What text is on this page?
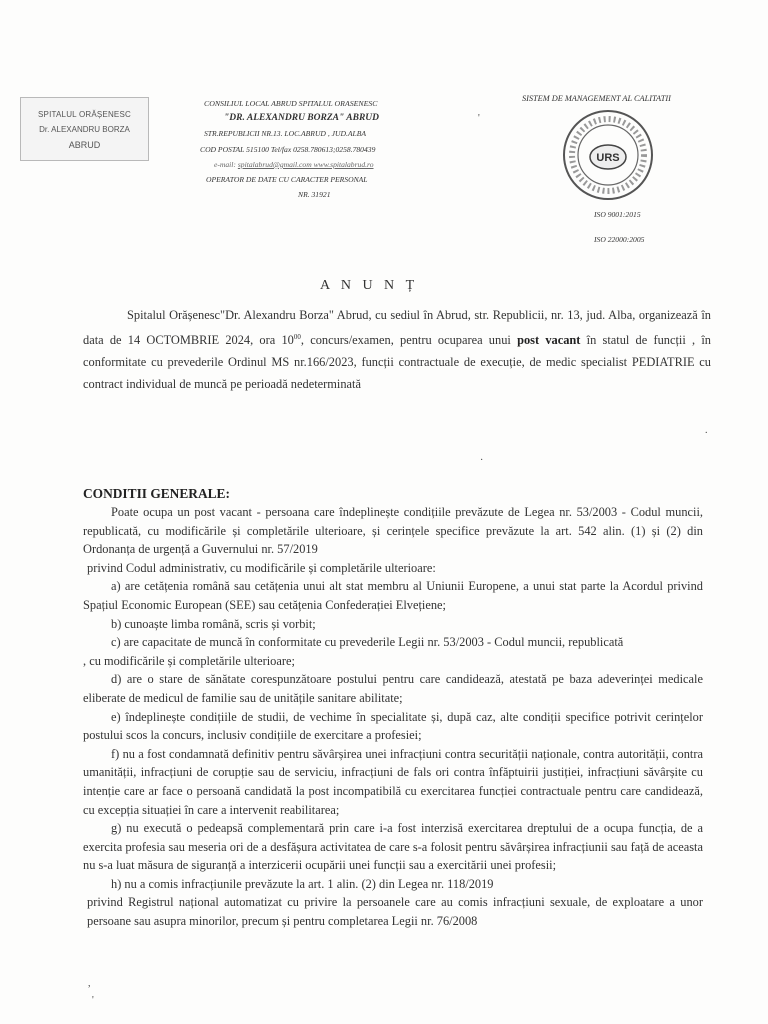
SPITALUL ORĂȘENESC
Dr. ALEXANDRU BORZA
ABRUD
CONSILIUL LOCAL ABRUD SPITALUL ORASENESC
"DR. ALEXANDRU BORZA" ABRUD
STR.REPUBLICII NR.13. LOC.ABRUD , JUD.ALBA
COD POSTAL 515100 Tel/fax 0258.780613;0258.780439
e-mail: spitalabrud@gmail.com www.spitalabrud.ro
OPERATOR DE DATE CU CARACTER PERSONAL
NR. 31921
SISTEM DE MANAGEMENT AL CALITATII
URS
ISO 9001:2015
ISO 22000:2005
A N U N Ț
Spitalul Orășenesc"Dr. Alexandru Borza" Abrud, cu sediul în Abrud, str. Republicii, nr. 13, jud. Alba, organizează în data de 14 OCTOMBRIE 2024, ora $10^{00}$, concurs/examen, pentru ocuparea unui post vacant în statul de funcții , în conformitate cu prevederile Ordinul MS nr.166/2023, funcții contractuale de execuție, de medic specialist PEDIATRIE cu contract individual de muncă pe perioadă nedeterminată
CONDITII GENERALE:

Poate ocupa un post vacant - persoana care îndeplinește condițiile prevăzute de Legea nr. 53/2003 - Codul muncii, republicată, cu modificările și completările ulterioare, și cerințele specifice prevăzute la art. 542 alin. (1) și (2) din Ordonanța de urgență a Guvernului nr. 57/2019

privind Codul administrativ, cu modificările și completările ulterioare:

a) are cetățenia română sau cetățenia unui alt stat membru al Uniunii Europene, a unui stat parte la Acordul privind Spațiul Economic European (SEE) sau cetățenia Confederației Elvețiene;

b) cunoaște limba română, scris și vorbit;

c) are capacitate de muncă în conformitate cu prevederile Legii nr. 53/2003 - Codul muncii, republicată

, cu modificările și completările ulterioare;

d) are o stare de sănătate corespunzătoare postului pentru care candidează, atestată pe baza adeverinței medicale eliberate de medicul de familie sau de unitățile sanitare abilitate;

e) îndeplinește condițiile de studii, de vechime în specialitate și, după caz, alte condiții specifice potrivit cerințelor postului scos la concurs, inclusiv condițiile de exercitare a profesiei;

f) nu a fost condamnată definitiv pentru săvârșirea unei infracțiuni contra securității naționale, contra autorității, contra umanității, infracțiuni de corupție sau de serviciu, infracțiuni de fals ori contra înfăptuirii justiției, infracțiuni săvârșite cu intenție care ar face o persoană candidată la post incompatibilă cu exercitarea funcției contractuale pentru care candidează, cu excepția situației în care a intervenit reabilitarea;

g) nu execută o pedeapsă complementară prin care i-a fost interzisă exercitarea dreptului de a ocupa funcția, de a exercita profesia sau meseria ori de a desfășura activitatea de care s-a folosit pentru săvârșirea infracțiunii sau față de aceasta nu s-a luat măsura de siguranță a interzicerii ocupării unei funcții sau a exercitării unei profesii;

h) nu a comis infracțiunile prevăzute la art. 1 alin. (2) din Legea nr. 118/2019

privind Registrul național automatizat cu privire la persoanele care au comis infracțiuni sexuale, de exploatare a unor persoane sau asupra minorilor, precum și pentru completarea Legii nr. 76/2008

'
.
·
,
'
